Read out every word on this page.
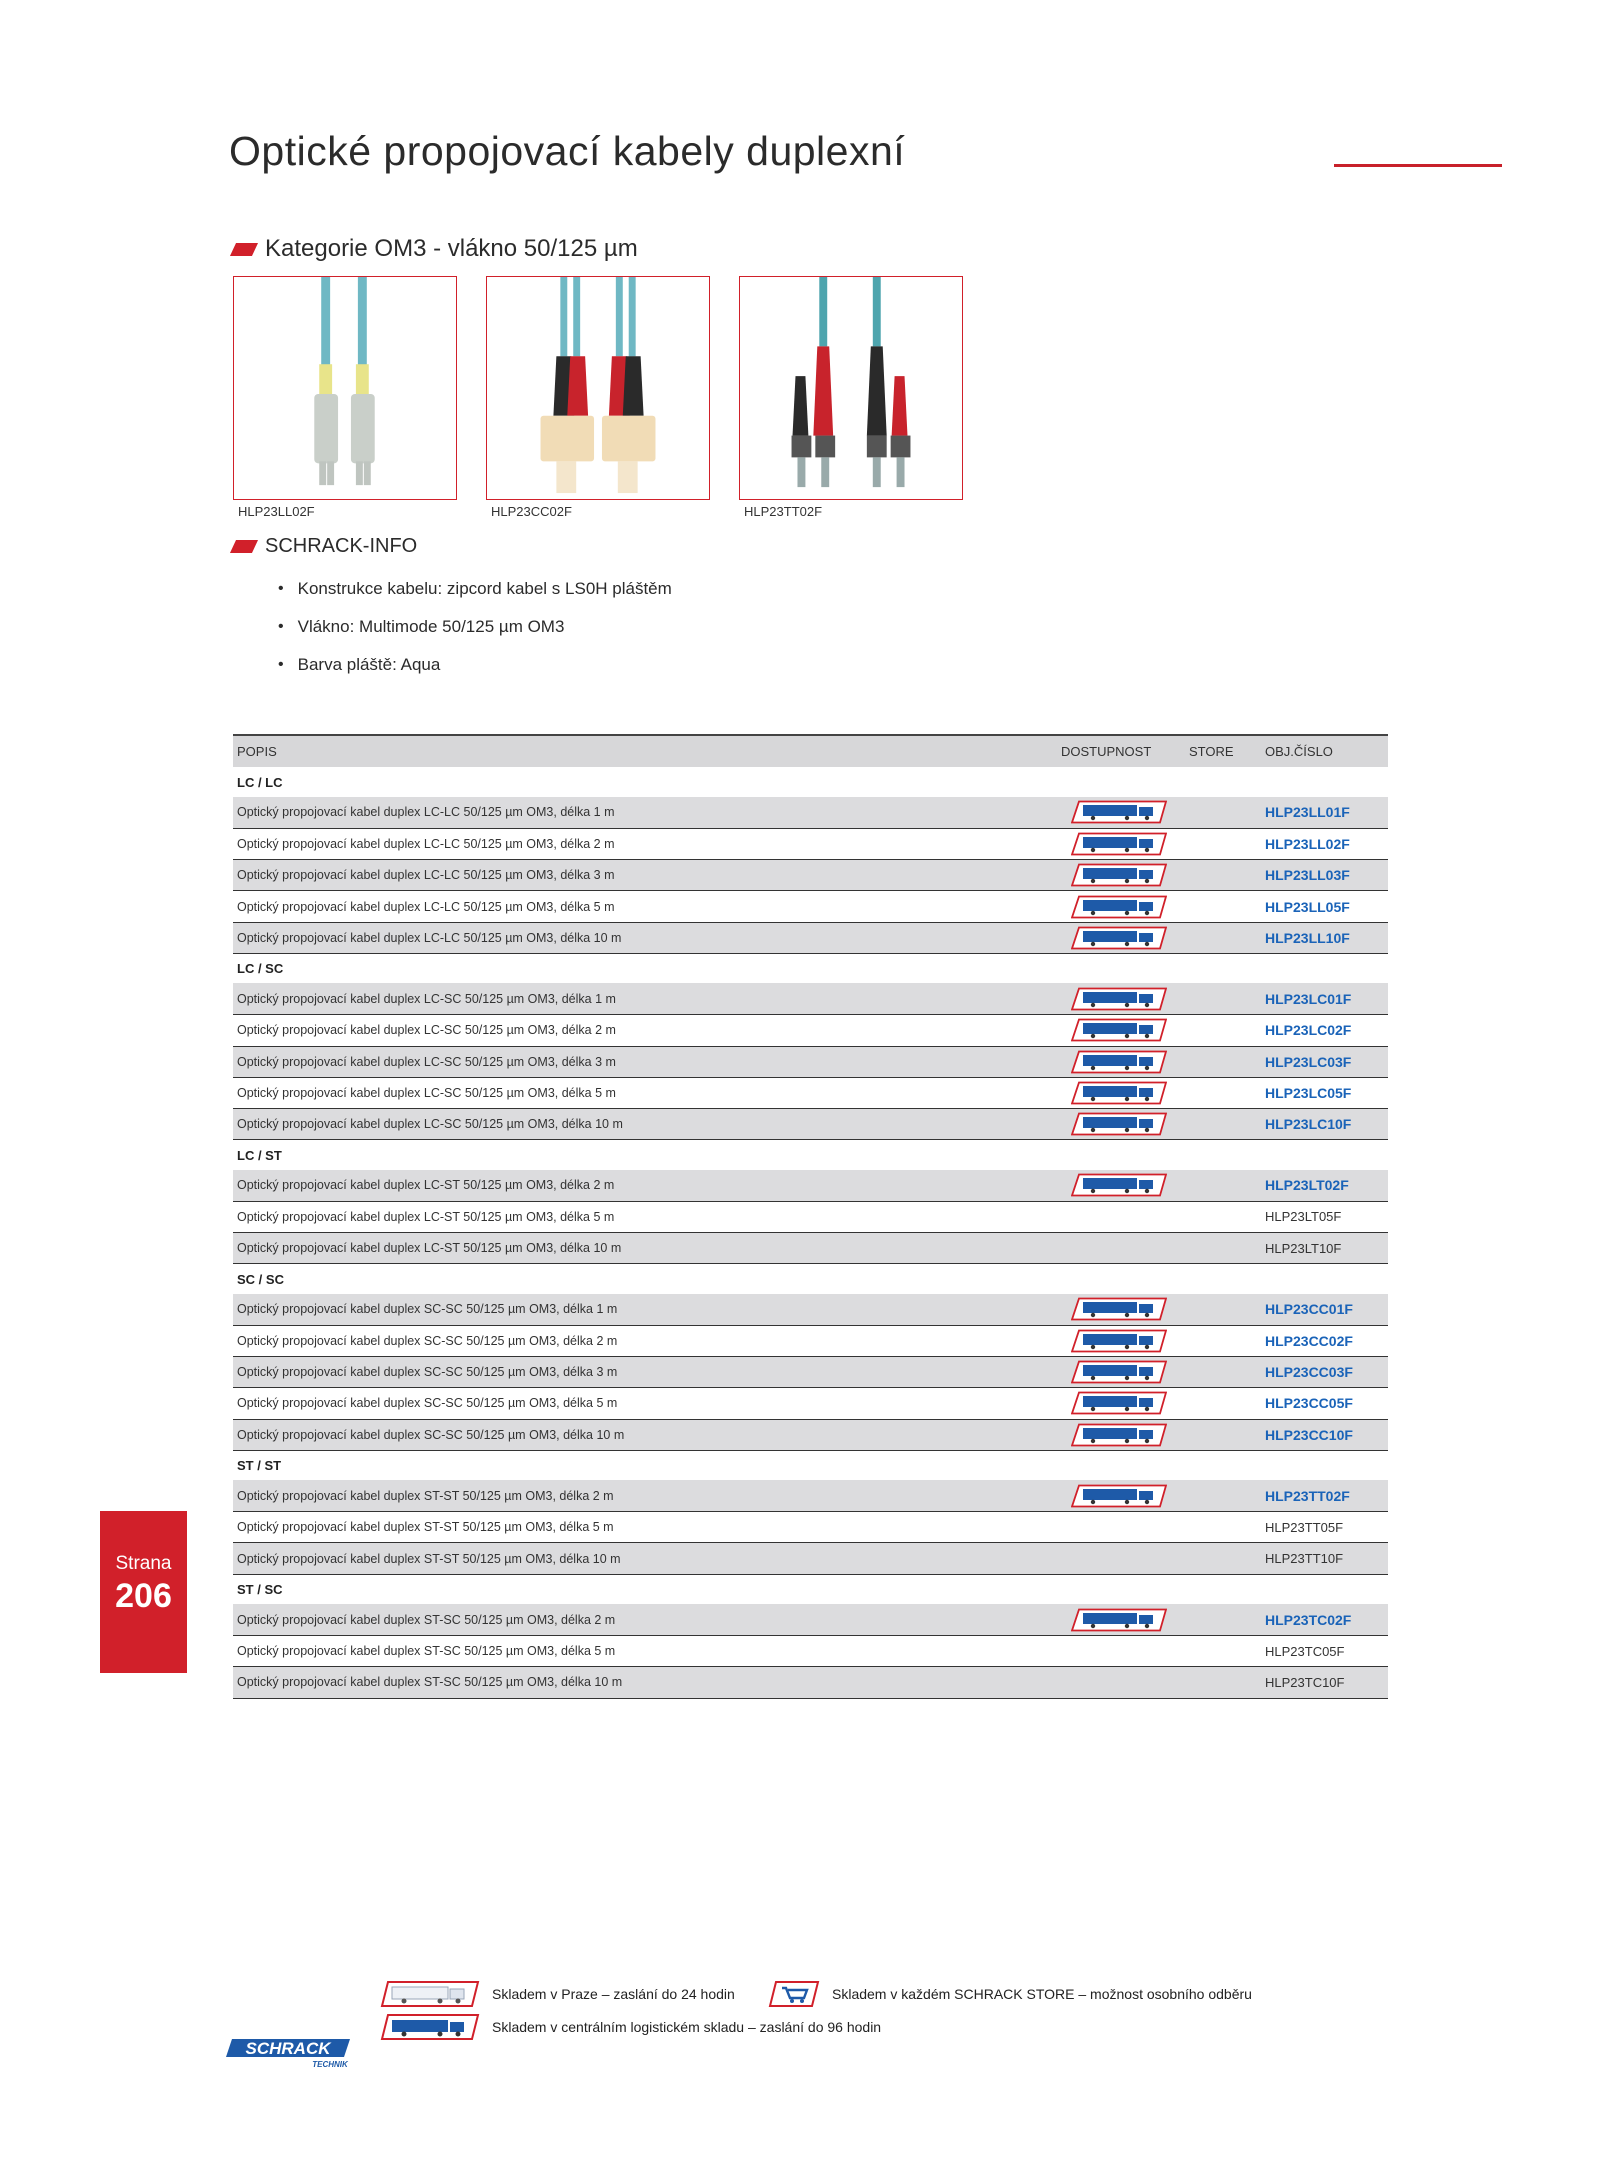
Optické propojovací kabely duplexní
Kategorie OM3 - vlákno 50/125 µm
HLP23LL02F	HLP23CC02F	HLP23TT02F
SCHRACK-INFO
• Konstrukce kabelu: zipcord kabel s LS0H pláštěm
• Vlákno: Multimode 50/125 µm OM3
• Barva pláště: Aqua
POPIS	DOSTUPNOST	STORE	OBJ.ČÍSLO
LC / LC			
Optický propojovací kabel duplex LC-LC 50/125 µm OM3, délka 1 m			HLP23LL01F
Optický propojovací kabel duplex LC-LC 50/125 µm OM3, délka 2 m			HLP23LL02F
Optický propojovací kabel duplex LC-LC 50/125 µm OM3, délka 3 m			HLP23LL03F
Optický propojovací kabel duplex LC-LC 50/125 µm OM3, délka 5 m			HLP23LL05F
Optický propojovací kabel duplex LC-LC 50/125 µm OM3, délka 10 m			HLP23LL10F
LC / SC			
Optický propojovací kabel duplex LC-SC 50/125 µm OM3, délka 1 m			HLP23LC01F
Optický propojovací kabel duplex LC-SC 50/125 µm OM3, délka 2 m			HLP23LC02F
Optický propojovací kabel duplex LC-SC 50/125 µm OM3, délka 3 m			HLP23LC03F
Optický propojovací kabel duplex LC-SC 50/125 µm OM3, délka 5 m			HLP23LC05F
Optický propojovací kabel duplex LC-SC 50/125 µm OM3, délka 10 m			HLP23LC10F
LC / ST			
Optický propojovací kabel duplex LC-ST 50/125 µm OM3, délka 2 m			HLP23LT02F
Optický propojovací kabel duplex LC-ST 50/125 µm OM3, délka 5 m			HLP23LT05F
Optický propojovací kabel duplex LC-ST 50/125 µm OM3, délka 10 m			HLP23LT10F
SC / SC			
Optický propojovací kabel duplex SC-SC 50/125 µm OM3, délka 1 m			HLP23CC01F
Optický propojovací kabel duplex SC-SC 50/125 µm OM3, délka 2 m			HLP23CC02F
Optický propojovací kabel duplex SC-SC 50/125 µm OM3, délka 3 m			HLP23CC03F
Optický propojovací kabel duplex SC-SC 50/125 µm OM3, délka 5 m			HLP23CC05F
Optický propojovací kabel duplex SC-SC 50/125 µm OM3, délka 10 m			HLP23CC10F
ST / ST			
Optický propojovací kabel duplex ST-ST 50/125 µm OM3, délka 2 m			HLP23TT02F
Optický propojovací kabel duplex ST-ST 50/125 µm OM3, délka 5 m			HLP23TT05F
Optický propojovací kabel duplex ST-ST 50/125 µm OM3, délka 10 m			HLP23TT10F
ST / SC			
Optický propojovací kabel duplex ST-SC 50/125 µm OM3, délka 2 m			HLP23TC02F
Optický propojovací kabel duplex ST-SC 50/125 µm OM3, délka 5 m			HLP23TC05F
Optický propojovací kabel duplex ST-SC 50/125 µm OM3, délka 10 m			HLP23TC10F
Strana
206
Skladem v Praze – zaslání do 24 hodin	Skladem v každém SCHRACK STORE – možnost osobního odběru
Skladem v centrálním logistickém skladu – zaslání do 96 hodin
SCHRACK
TECHNIK
